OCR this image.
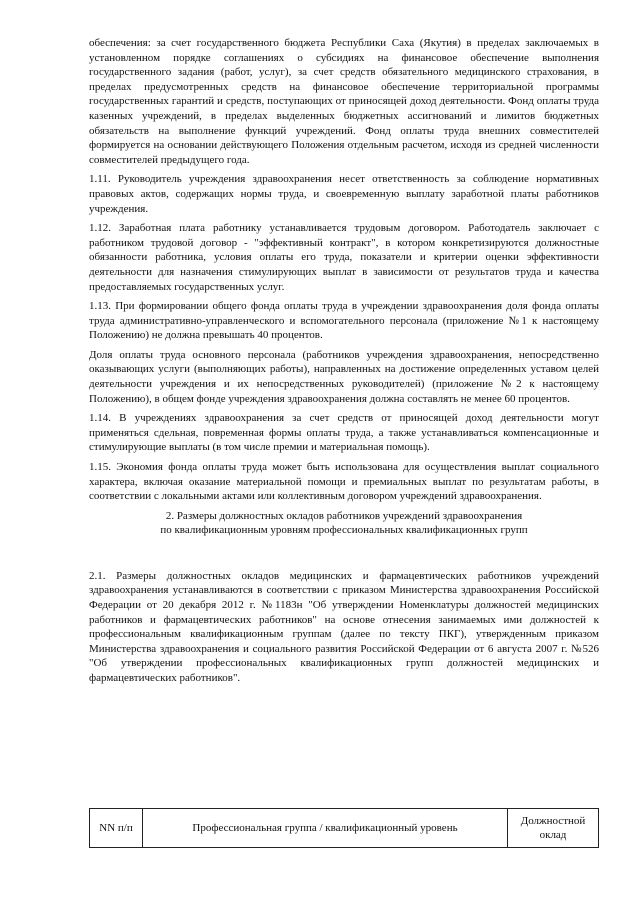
обеспечения: за счет государственного бюджета Республики Саха (Якутия) в пределах заключаемых в установленном порядке соглашениях о субсидиях на финансовое обеспечение выполнения государственного задания (работ, услуг), за счет средств обязательного медицинского страхования, в пределах предусмотренных средств на финансовое обеспечение территориальной программы государственных гарантий и средств, поступающих от приносящей доход деятельности. Фонд оплаты труда казенных учреждений, в пределах выделенных бюджетных ассигнований и лимитов бюджетных обязательств на выполнение функций учреждений. Фонд оплаты труда внешних совместителей формируется на основании действующего Положения отдельным расчетом, исходя из средней численности совместителей предыдущего года.

1.11. Руководитель учреждения здравоохранения несет ответственность за соблюдение нормативных правовых актов, содержащих нормы труда, и своевременную выплату заработной платы работников учреждения.

1.12. Заработная плата работнику устанавливается трудовым договором. Работодатель заключает с работником трудовой договор - "эффективный контракт", в котором конкретизируются должностные обязанности работника, условия оплаты его труда, показатели и критерии оценки эффективности деятельности для назначения стимулирующих выплат в зависимости от результатов труда и качества предоставляемых государственных услуг.

1.13. При формировании общего фонда оплаты труда в учреждении здравоохранения доля фонда оплаты труда административно-управленческого и вспомогательного персонала (приложение №1 к настоящему Положению) не должна превышать 40 процентов.

Доля оплаты труда основного персонала (работников учреждения здравоохранения, непосредственно оказывающих услуги (выполняющих работы), направленных на достижение определенных уставом целей деятельности учреждения и их непосредственных руководителей) (приложение №2 к настоящему Положению), в общем фонде учреждения здравоохранения должна составлять не менее 60 процентов.

1.14. В учреждениях здравоохранения за счет средств от приносящей доход деятельности могут применяться сдельная, повременная формы оплаты труда, а также устанавливаться компенсационные и стимулирующие выплаты (в том числе премии и материальная помощь).

1.15. Экономия фонда оплаты труда может быть использована для осуществления выплат социального характера, включая оказание материальной помощи и премиальных выплат по результатам работы, в соответствии с локальными актами или коллективным договором учреждений здравоохранения.

2. Размеры должностных окладов работников учреждений здравоохранения
по квалификационным уровням профессиональных квалификационных групп

2.1. Размеры должностных окладов медицинских и фармацевтических работников учреждений здравоохранения устанавливаются в соответствии с приказом Министерства здравоохранения Российской Федерации от 20 декабря 2012 г. №1183н "Об утверждении Номенклатуры должностей медицинских работников и фармацевтических работников" на основе отнесения занимаемых ими должностей к профессиональным квалификационным группам (далее по тексту ПКГ), утвержденным приказом Министерства здравоохранения и социального развития Российской Федерации от 6 августа 2007 г. №526 "Об утверждении профессиональных квалификационных групп должностей медицинских и фармацевтических работников".

NN п/п	Профессиональная группа / квалификационный уровень	Должностной оклад
